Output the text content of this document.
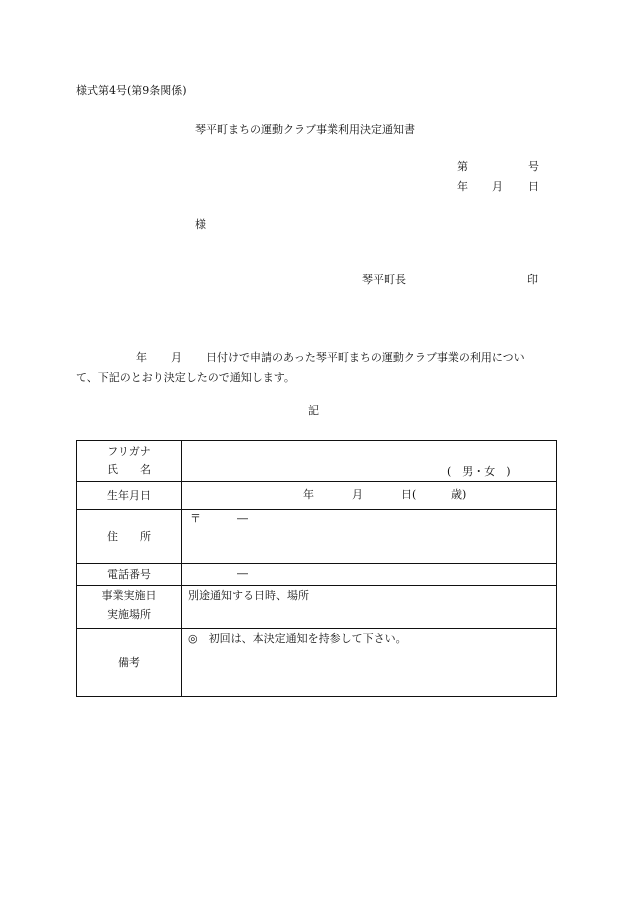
様式第4号(第9条関係)
琴平町まちの運動クラブ事業利用決定通知書
第	号
年 月 日
様
琴平町長	印
年 月 日付けで申請のあった琴平町まちの運動クラブ事業の利用につい
て、下記のとおり決定したので通知します。
記
フリガナ
氏　　名	(　男・女　)

生年月日	年 月 日( 歳)

住　　所	〒 ―

電話番号	―

事業実施日
実施場所	別途通知する日時、場所

備考	◎　初回は、本決定通知を持参して下さい。
